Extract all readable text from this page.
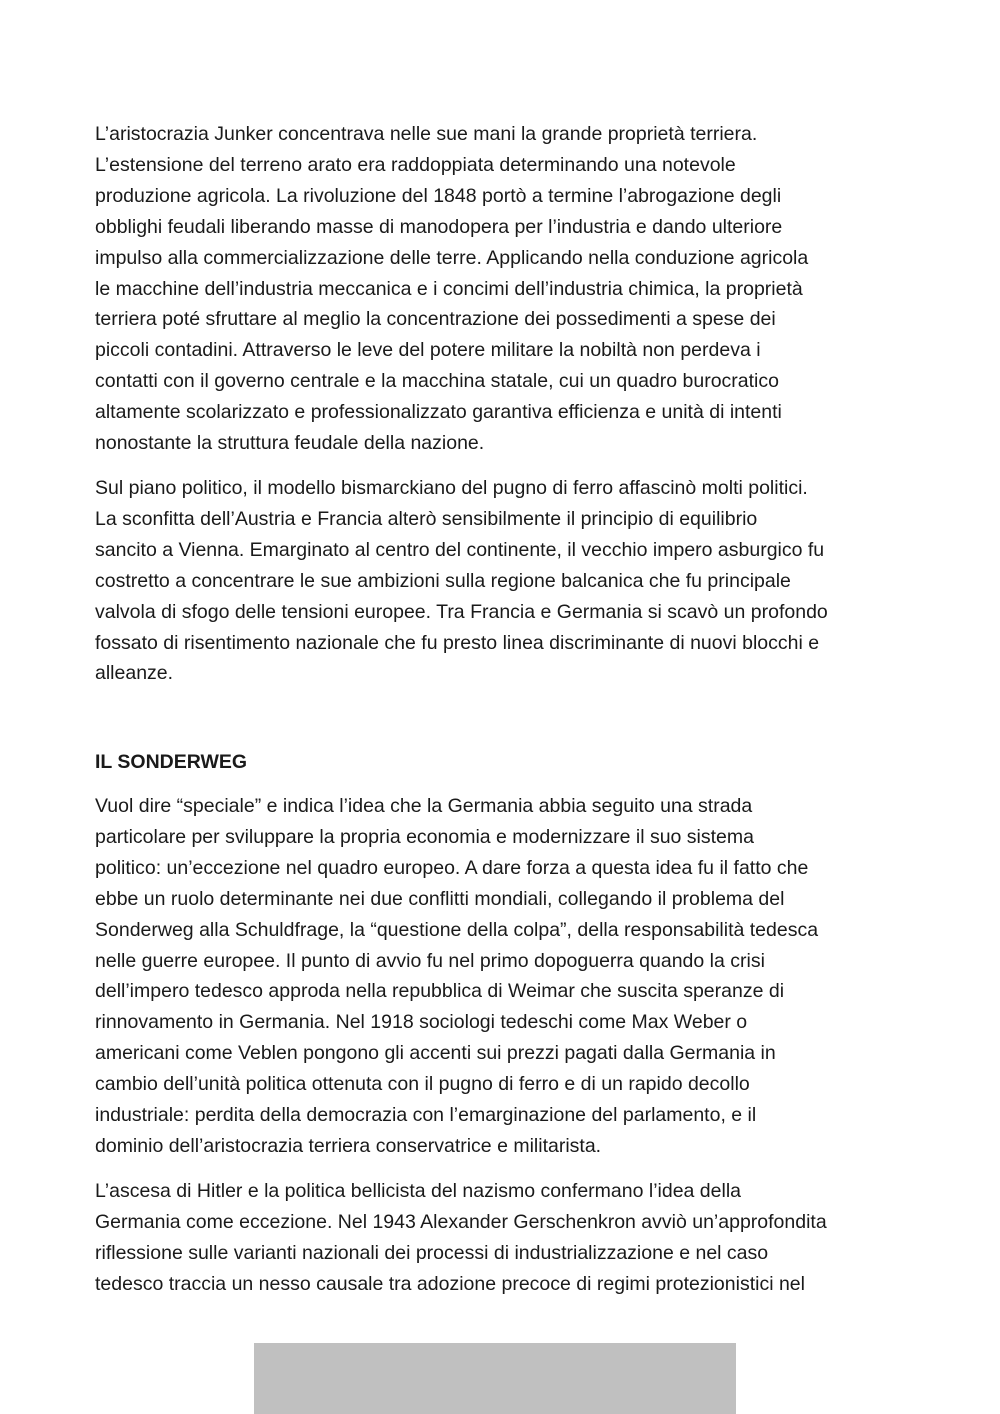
L’aristocrazia Junker concentrava nelle sue mani la grande proprietà terriera.
L’estensione del terreno arato era raddoppiata determinando una notevole
produzione agricola. La rivoluzione del 1848 portò a termine l’abrogazione degli
obblighi feudali liberando masse di manodopera per l’industria e dando ulteriore
impulso alla commercializzazione delle terre. Applicando nella conduzione agricola
le macchine dell’industria meccanica e i concimi dell’industria chimica, la proprietà
terriera poté sfruttare al meglio la concentrazione dei possedimenti a spese dei
piccoli contadini. Attraverso le leve del potere militare la nobiltà non perdeva i
contatti con il governo centrale e la macchina statale, cui un quadro burocratico
altamente scolarizzato e professionalizzato garantiva efficienza e unità di intenti
nonostante la struttura feudale della nazione.
Sul piano politico, il modello bismarckiano del pugno di ferro affascinò molti politici.
La sconfitta dell’Austria e Francia alterò sensibilmente il principio di equilibrio
sancito a Vienna. Emarginato al centro del continente, il vecchio impero asburgico fu
costretto a concentrare le sue ambizioni sulla regione balcanica che fu principale
valvola di sfogo delle tensioni europee. Tra Francia e Germania si scavò un profondo
fossato di risentimento nazionale che fu presto linea discriminante di nuovi blocchi e
alleanze.
IL SONDERWEG
Vuol dire “speciale” e indica l’idea che la Germania abbia seguito una strada
particolare per sviluppare la propria economia e modernizzare il suo sistema
politico: un’eccezione nel quadro europeo. A dare forza a questa idea fu il fatto che
ebbe un ruolo determinante nei due conflitti mondiali, collegando il problema del
Sonderweg alla Schuldfrage, la “questione della colpa”, della responsabilità tedesca
nelle guerre europee. Il punto di avvio fu nel primo dopoguerra quando la crisi
dell’impero tedesco approda nella repubblica di Weimar che suscita speranze di
rinnovamento in Germania. Nel 1918 sociologi tedeschi come Max Weber o
americani come Veblen pongono gli accenti sui prezzi pagati dalla Germania in
cambio dell’unità politica ottenuta con il pugno di ferro e di un rapido decollo
industriale: perdita della democrazia con l’emarginazione del parlamento, e il
dominio dell’aristocrazia terriera conservatrice e militarista.
L’ascesa di Hitler e la politica bellicista del nazismo confermano l’idea della
Germania come eccezione. Nel 1943 Alexander Gerschenkron avviò un’approfondita
riflessione sulle varianti nazionali dei processi di industrializzazione e nel caso
tedesco traccia un nesso causale tra adozione precoce di regimi protezionistici nel
